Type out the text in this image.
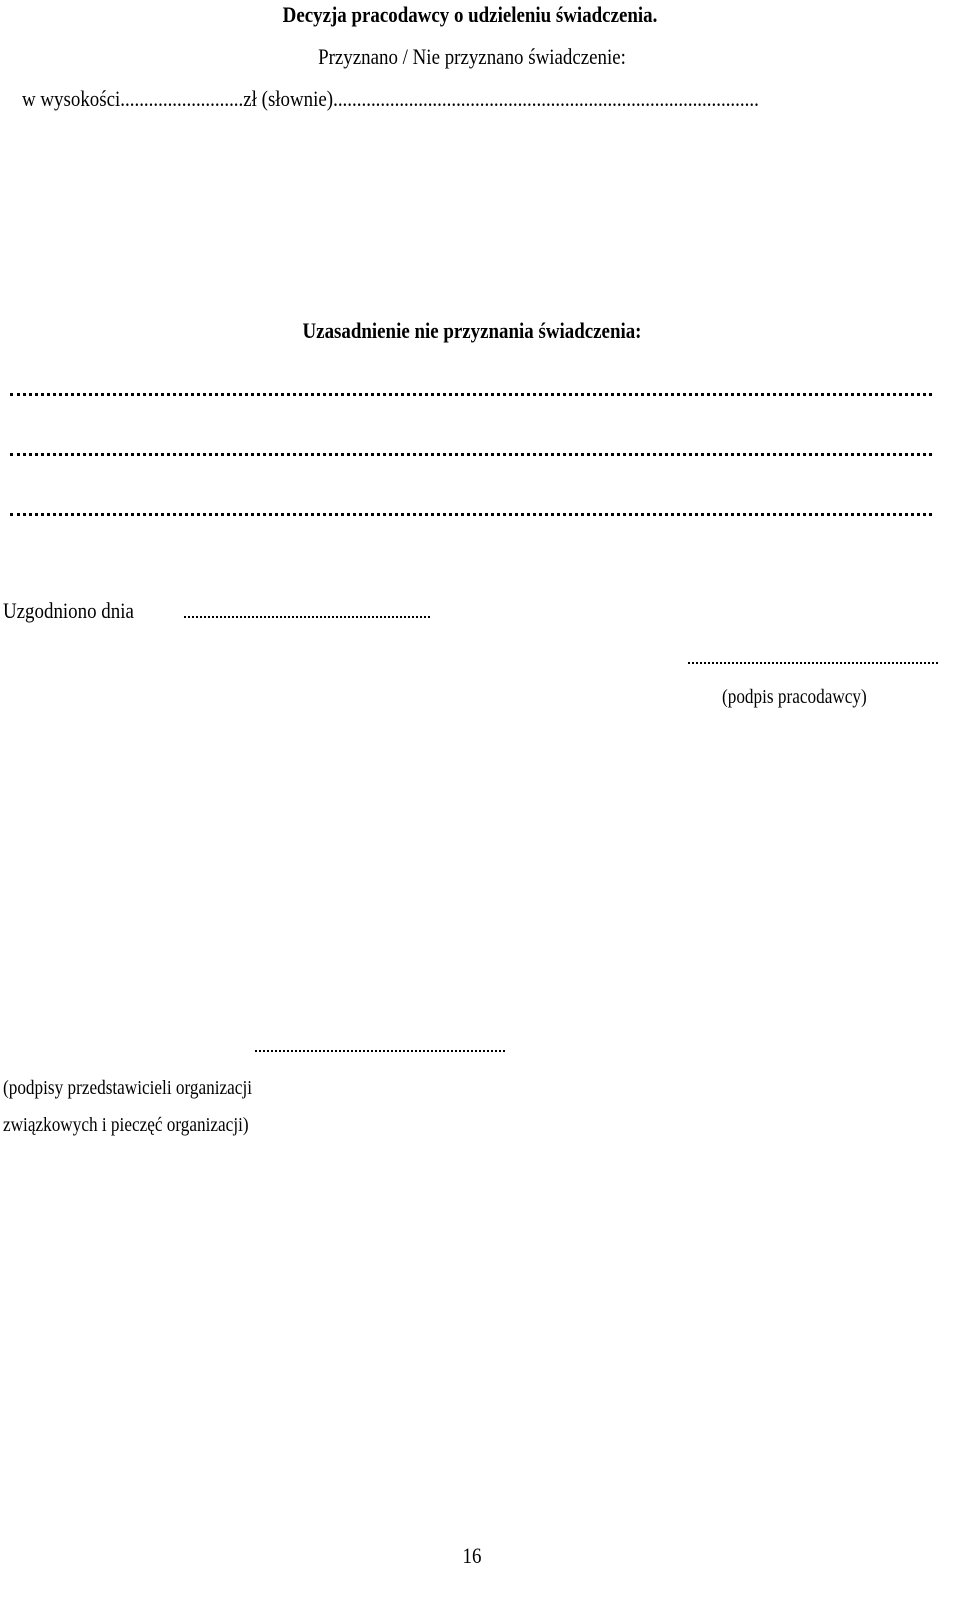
Decyzja pracodawcy o udzieleniu świadczenia.
Przyznano / Nie przyznano świadczenie:
w wysokości..........................zł (słownie)..........................................................................................
Uzasadnienie nie przyznania świadczenia:
Uzgodniono dnia
(podpis pracodawcy)
(podpisy przedstawicieli organizacji
związkowych i pieczęć organizacji)
16
